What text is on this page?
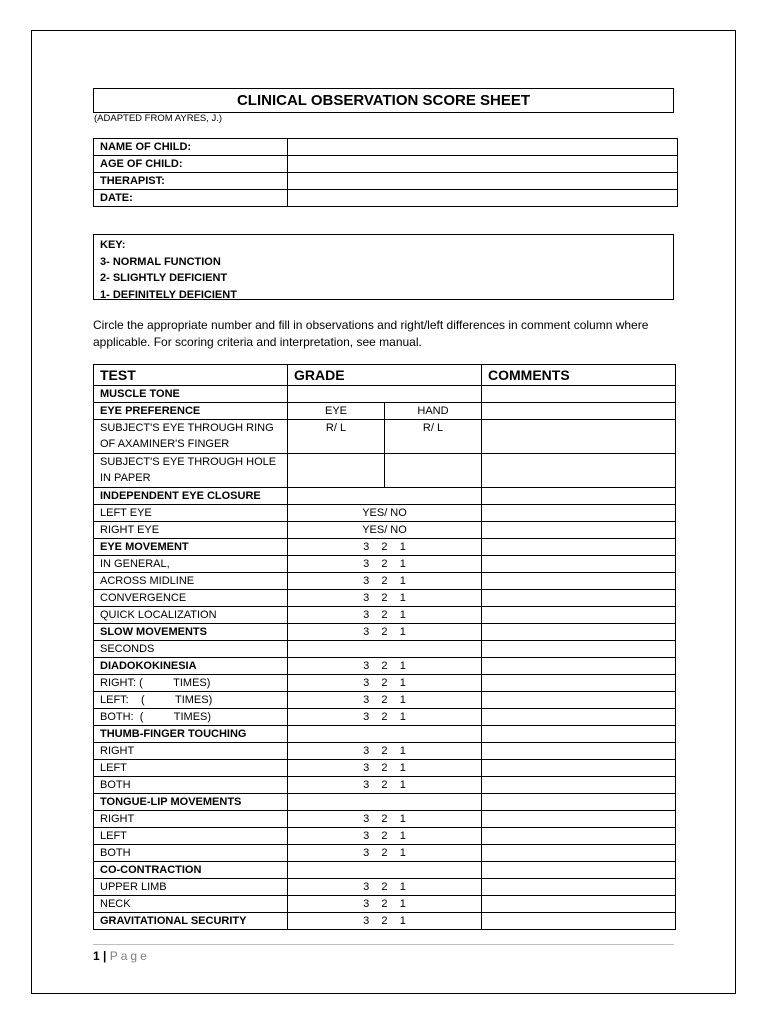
CLINICAL OBSERVATION SCORE SHEET
(ADAPTED FROM AYRES, J.)
NAME OF CHILD:	
AGE OF CHILD:	
THERAPIST:	
DATE:	
KEY:
3- NORMAL FUNCTION
2- SLIGHTLY DEFICIENT
1- DEFINITELY DEFICIENT
Circle the appropriate number and fill in observations and right/left differences in comment column where applicable. For scoring criteria and interpretation, see manual.
TEST	GRADE		COMMENTS
MUSCLE TONE			
EYE PREFERENCE	EYE	HAND	
SUBJECT'S EYE THROUGH RING OF AXAMINER'S FINGER	R/ L	R/ L	
SUBJECT'S EYE THROUGH HOLE IN PAPER			
INDEPENDENT EYE CLOSURE			
LEFT EYE	YES/ NO		
RIGHT EYE	YES/ NO		
EYE MOVEMENT	3    2    1		
IN GENERAL,	3    2    1		
ACROSS MIDLINE	3    2    1		
CONVERGENCE	3    2    1		
QUICK LOCALIZATION	3    2    1		
SLOW MOVEMENTS	3    2    1		
SECONDS			
DIADOKOKINESIA	3    2    1		
RIGHT: (          TIMES)	3    2    1		
LEFT:    (          TIMES)	3    2    1		
BOTH:  (          TIMES)	3    2    1		
THUMB-FINGER TOUCHING			
RIGHT	3    2    1		
LEFT	3    2    1		
BOTH	3    2    1		
TONGUE-LIP MOVEMENTS			
RIGHT	3    2    1		
LEFT	3    2    1		
BOTH	3    2    1		
CO-CONTRACTION			
UPPER LIMB	3    2    1		
NECK	3    2    1		
GRAVITATIONAL SECURITY	3    2    1		
1 | Page
